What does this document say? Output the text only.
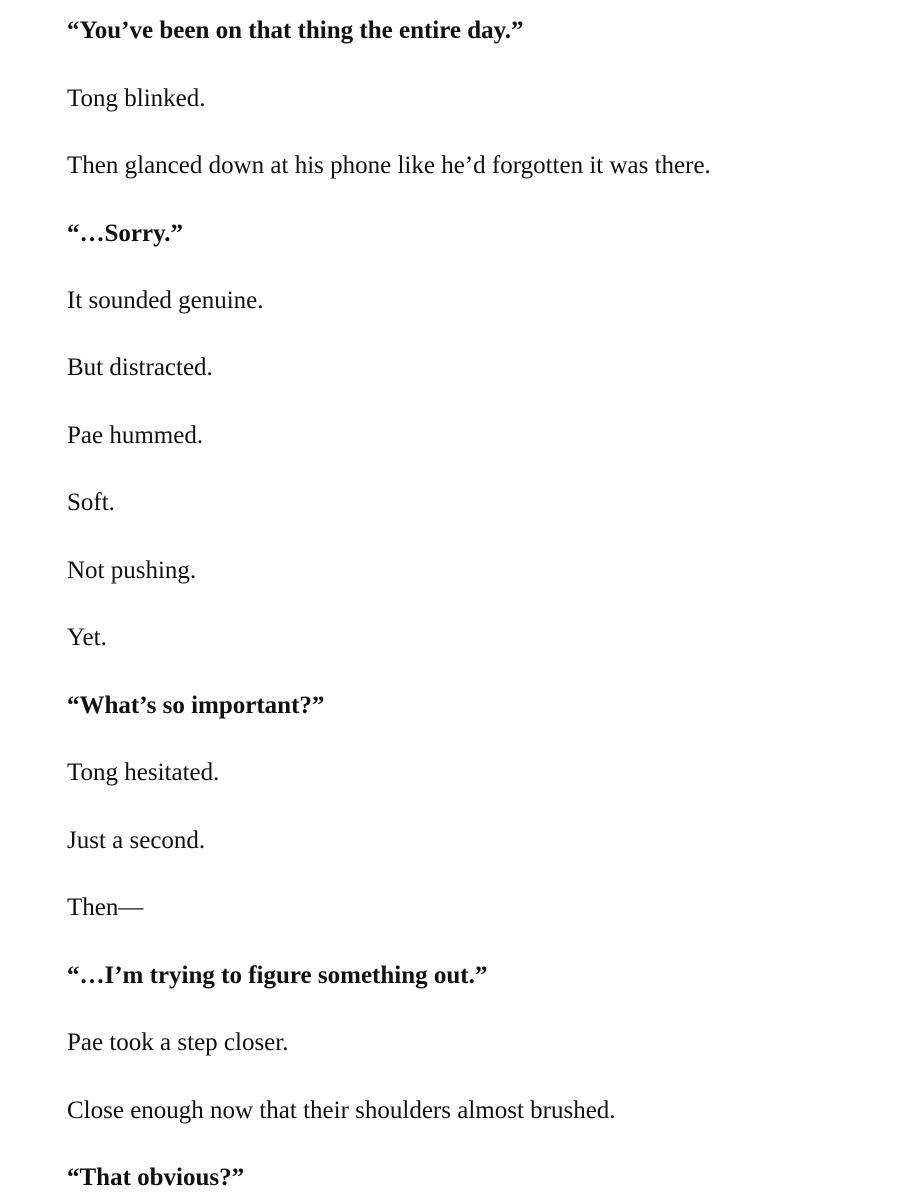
“You’ve been on that thing the entire day.”

Tong blinked.

Then glanced down at his phone like he’d forgotten it was there.

“…Sorry.”

It sounded genuine.

But distracted.

Pae hummed.

Soft.

Not pushing.

Yet.

“What’s so important?”

Tong hesitated.

Just a second.

Then—

“…I’m trying to figure something out.”

Pae took a step closer.

Close enough now that their shoulders almost brushed.

“That obvious?”
